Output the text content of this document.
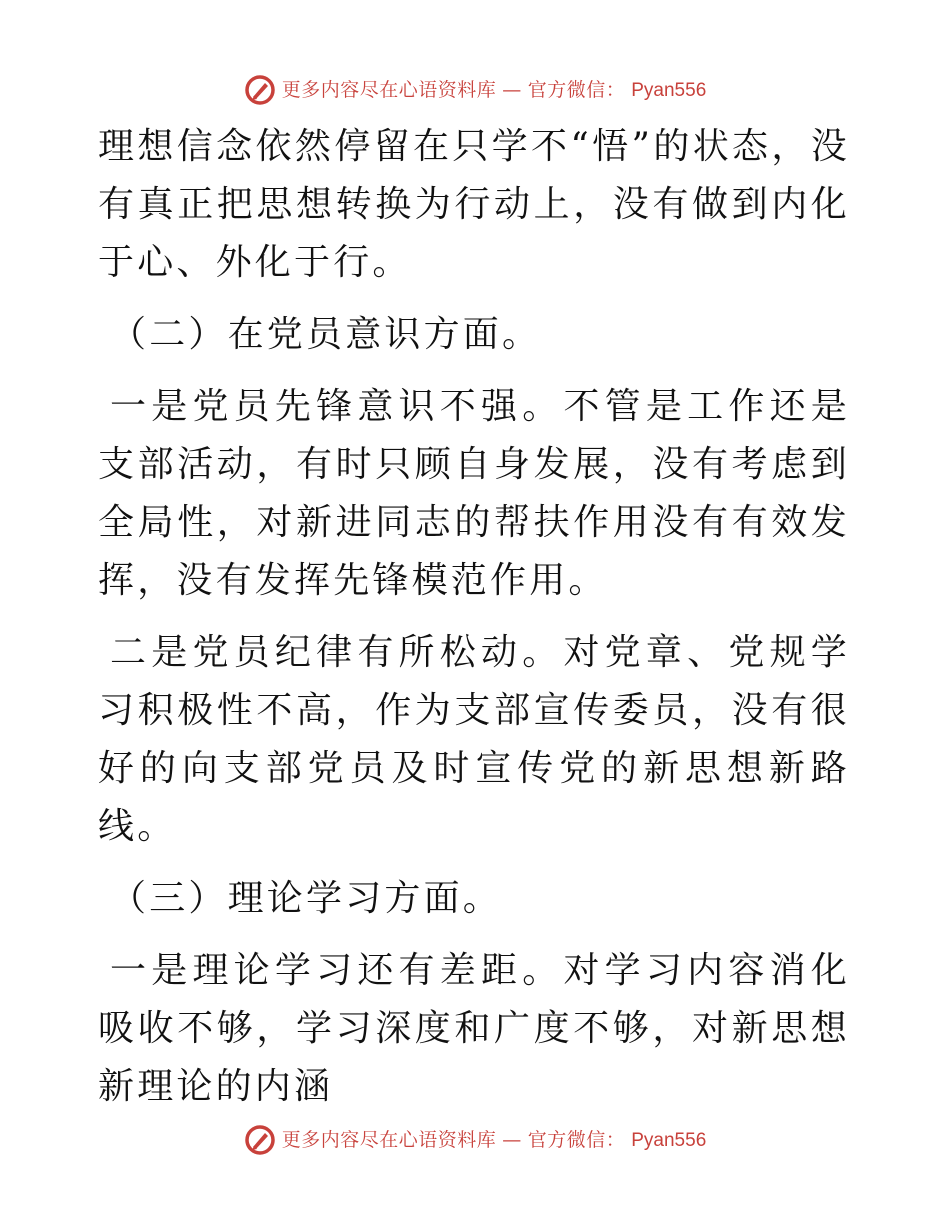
更多内容尽在心语资料库 — 官方微信： Pyan556

理想信念依然停留在只学不“悟”的状态，没有真正把思想转换为行动上，没有做到内化于心、外化于行。

（二）在党员意识方面。

一是党员先锋意识不强。不管是工作还是支部活动，有时只顾自身发展，没有考虑到全局性，对新进同志的帮扶作用没有有效发挥，没有发挥先锋模范作用。

二是党员纪律有所松动。对党章、党规学习积极性不高，作为支部宣传委员，没有很好的向支部党员及时宣传党的新思想新路线。

（三）理论学习方面。

一是理论学习还有差距。对学习内容消化吸收不够，学习深度和广度不够，对新思想新理论的内涵

更多内容尽在心语资料库 — 官方微信： Pyan556
